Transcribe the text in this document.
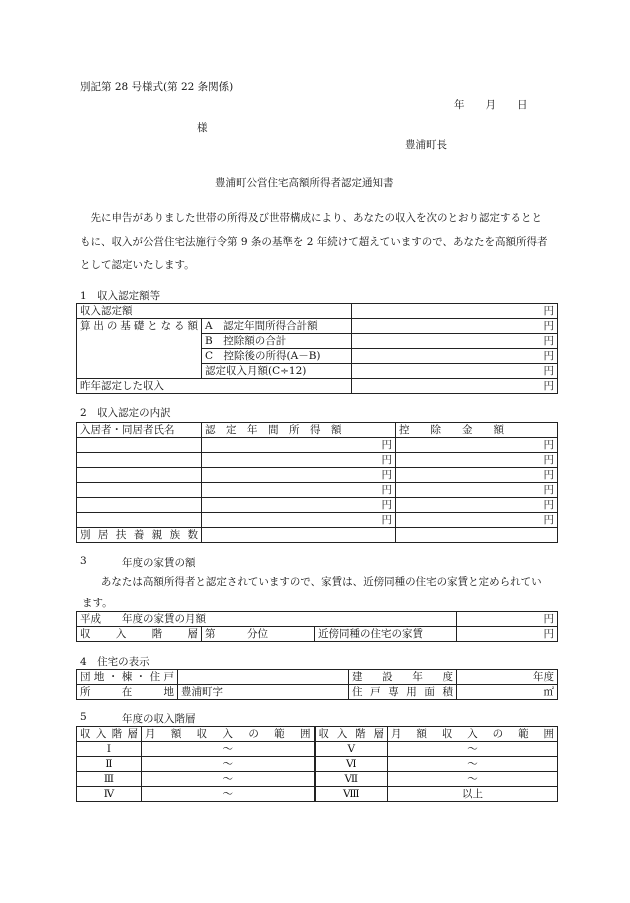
別記第 28 号様式(第 22 条関係)
年　　月　　日
様
豊浦町長
豊浦町公営住宅高額所得者認定通知書
先に申告がありました世帯の所得及び世帯構成により、あなたの収入を次のとおり認定するとともに、収入が公営住宅法施行令第 9 条の基準を 2 年続けて超えていますので、あなたを高額所得者として認定いたします。
1　収入認定額等
収入認定額		円
算出の基礎となる額	A　認定年間所得合計額	円
	B　控除額の合計	円
	C　控除後の所得(A－B)	円
	認定収入月額(C÷12)	円
昨年認定した収入		円
2　収入認定の内訳
入居者・同居者氏名	認　定　年　間　所　得　額	控　　除　　金　　額
	円	円
	円	円
	円	円
	円	円
	円	円
	円	円
別居扶養親族数		
3	年度の家賃の額
あなたは高額所得者と認定されていますので、家賃は、近傍同種の住宅の家賃と定められています。
平成　　年度の家賃の月額			円
収入階層	第　　　分位	近傍同種の住宅の家賃	円
4　住宅の表示
団地・棟・住戸		建設年度	年度
所在地	豊浦町字	住戸専用面積	㎡
5	年度の収入階層
収入階層	月額収入の範囲	収入階層	月額収入の範囲
Ⅰ	～	Ⅴ	～
Ⅱ	～	Ⅵ	～
Ⅲ	～	Ⅶ	～
Ⅳ	～	Ⅷ	以上
